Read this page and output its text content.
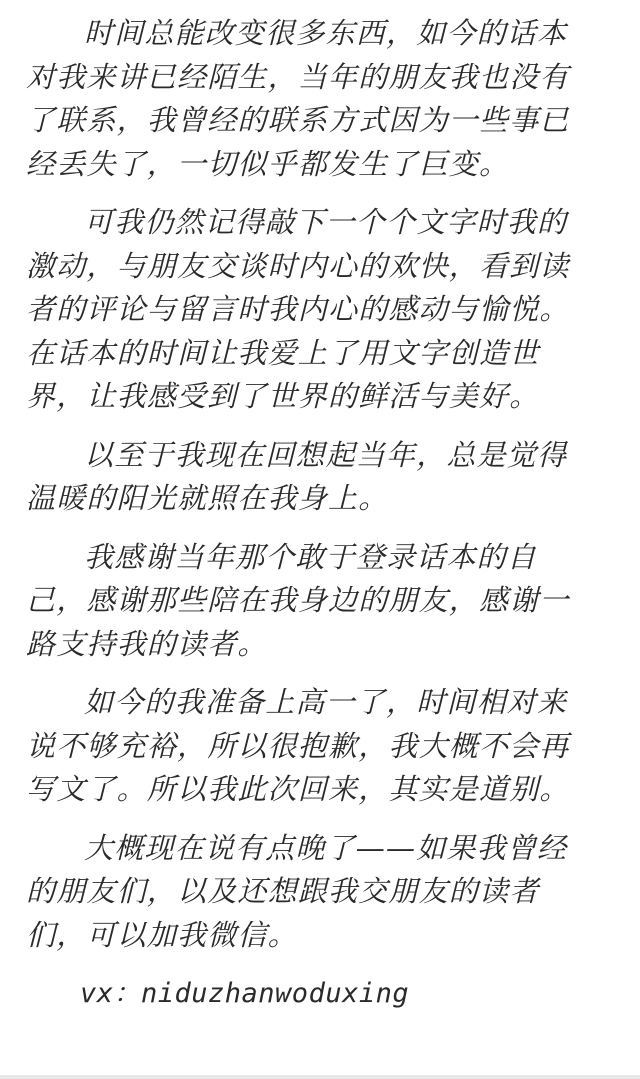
时间总能改变很多东西，如今的话本
对我来讲已经陌生，当年的朋友我也没有
了联系，我曾经的联系方式因为一些事已
经丢失了，一切似乎都发生了巨变。

可我仍然记得敲下一个个文字时我的
激动，与朋友交谈时内心的欢快，看到读
者的评论与留言时我内心的感动与愉悦。
在话本的时间让我爱上了用文字创造世
界，让我感受到了世界的鲜活与美好。

以至于我现在回想起当年，总是觉得
温暖的阳光就照在我身上。

我感谢当年那个敢于登录话本的自
己，感谢那些陪在我身边的朋友，感谢一
路支持我的读者。

如今的我准备上高一了，时间相对来
说不够充裕，所以很抱歉，我大概不会再
写文了。所以我此次回来，其实是道别。

大概现在说有点晚了——如果我曾经
的朋友们，以及还想跟我交朋友的读者
们，可以加我微信。

vx：niduzhanwoduxing
